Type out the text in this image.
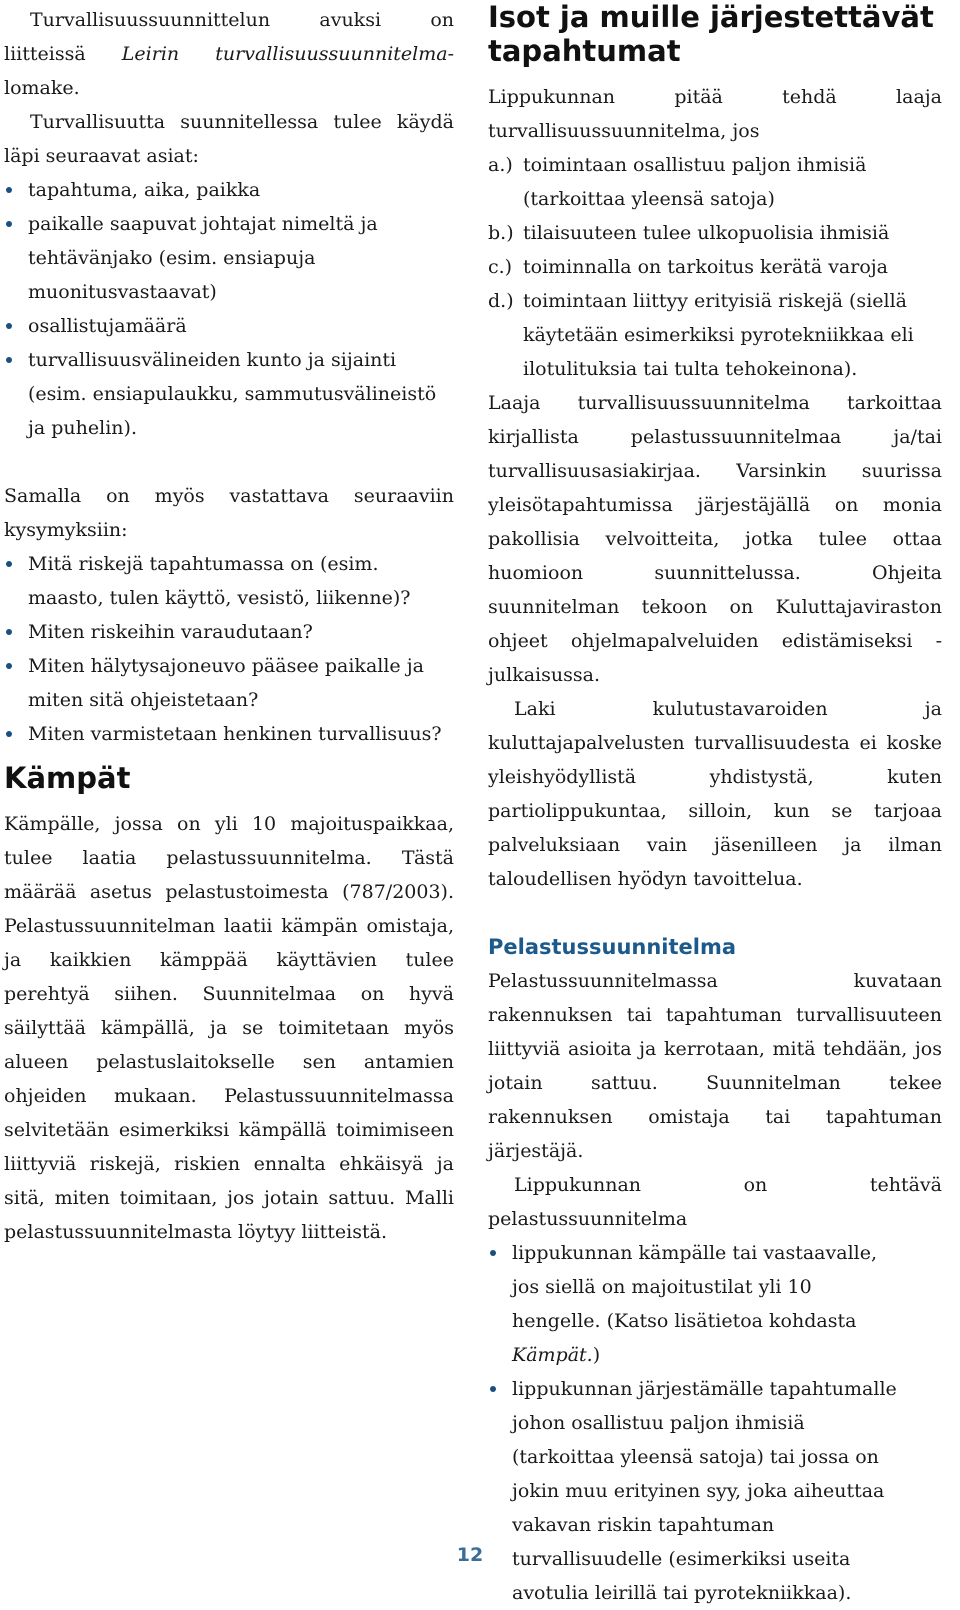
Turvallisuussuunnittelun avuksi on liitteissä Leirin turvallisuussuunnitelma-lomake.

Turvallisuutta suunnitellessa tulee käydä läpi seuraavat asiat:

tapahtuma, aika, paikka
paikalle saapuvat johtajat nimeltä ja tehtävänjako (esim. ensiapuja muonitusvastaavat)
osallistujamäärä
turvallisuusvälineiden kunto ja sijainti (esim. ensiapulaukku, sammutusvälineistö ja puhelin).

Samalla on myös vastattava seuraaviin kysymyksiin:

Mitä riskejä tapahtumassa on (esim. maasto, tulen käyttö, vesistö, liikenne)?
Miten riskeihin varaudutaan?
Miten hälytysajoneuvo pääsee paikalle ja miten sitä ohjeistetaan?
Miten varmistetaan henkinen turvallisuus?
Kämpät

Kämpälle, jossa on yli 10 majoituspaikkaa, tulee laatia pelastussuunnitelma. Tästä määrää asetus pelastustoimesta (787/2003). Pelastussuunnitelman laatii kämpän omistaja, ja kaikkien kämppää käyttävien tulee perehtyä siihen. Suunnitelmaa on hyvä säilyttää kämpällä, ja se toimitetaan myös alueen pelastuslaitokselle sen antamien ohjeiden mukaan. Pelastussuunnitelmassa selvitetään esimerkiksi kämpällä toimimiseen liittyviä riskejä, riskien ennalta ehkäisyä ja sitä, miten toimitaan, jos jotain sattuu. Malli pelastussuunnitelmasta löytyy liitteistä.

Isot ja muille järjestettävät tapahtumat

Lippukunnan pitää tehdä laaja turvallisuussuunnitelma, jos

a.) toimintaan osallistuu paljon ihmisiä (tarkoittaa yleensä satoja)
b.) tilaisuuteen tulee ulkopuolisia ihmisiä
c.) toiminnalla on tarkoitus kerätä varoja
d.) toimintaan liittyy erityisiä riskejä (siellä käytetään esimerkiksi pyrotekniikkaa eli ilotulituksia tai tulta tehokeinona).

Laaja turvallisuussuunnitelma tarkoittaa kirjallista pelastussuunnitelmaa ja/tai turvallisuusasiakirjaa. Varsinkin suurissa yleisötapahtumissa järjestäjällä on monia pakollisia velvoitteita, jotka tulee ottaa huomioon suunnittelussa. Ohjeita suunnitelman tekoon on Kuluttajaviraston ohjeet ohjelmapalveluiden edistämiseksi -julkaisussa.

Laki kulutustavaroiden ja kuluttajapalvelusten turvallisuudesta ei koske yleishyödyllistä yhdistystä, kuten partiolippukuntaa, silloin, kun se tarjoaa palveluksiaan vain jäsenilleen ja ilman taloudellisen hyödyn tavoittelua.

Pelastussuunnitelma

Pelastussuunnitelmassa kuvataan rakennuksen tai tapahtuman turvallisuuteen liittyviä asioita ja kerrotaan, mitä tehdään, jos jotain sattuu. Suunnitelman tekee rakennuksen omistaja tai tapahtuman järjestäjä.

Lippukunnan on tehtävä pelastussuunnitelma

lippukunnan kämpälle tai vastaavalle, jos siellä on majoitustilat yli 10 hengelle. (Katso lisätietoa kohdasta Kämpät.)
lippukunnan järjestämälle tapahtumalle johon osallistuu paljon ihmisiä (tarkoittaa yleensä satoja) tai jossa on jokin muu erityinen syy, joka aiheuttaa vakavan riskin tapahtuman turvallisuudelle (esimerkiksi useita avotulia leirillä tai pyrotekniikkaa).
12
